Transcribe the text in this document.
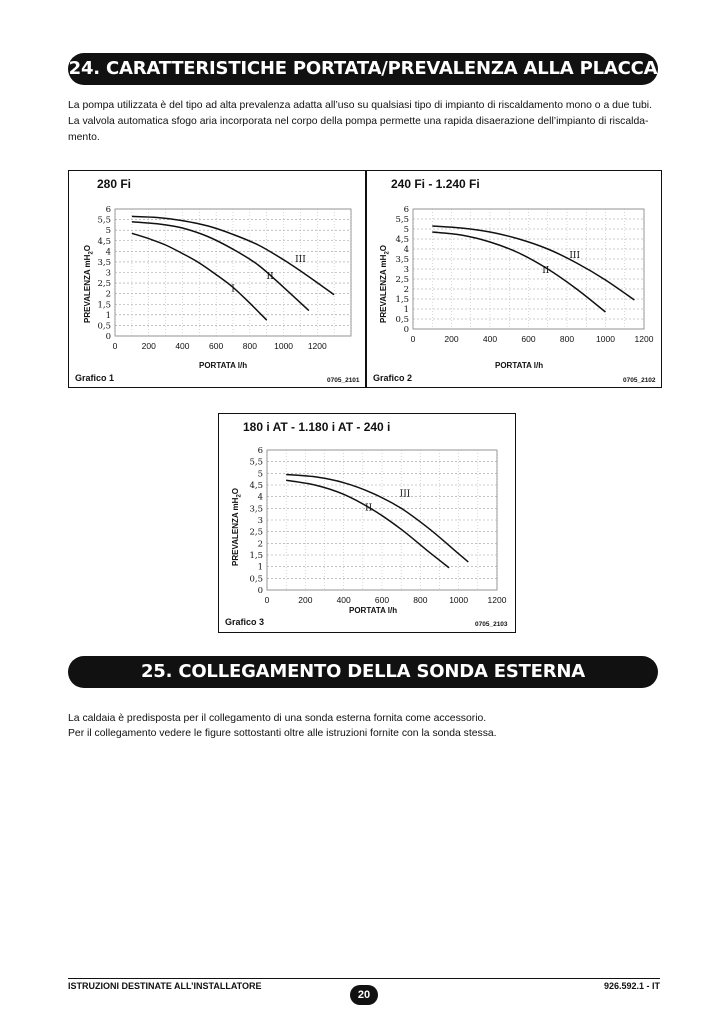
24. CARATTERISTICHE PORTATA/PREVALENZA ALLA PLACCA

La pompa utilizzata è del tipo ad alta prevalenza adatta all’uso su qualsiasi tipo di impianto di riscaldamento mono o a due tubi.

La valvola automatica sfogo aria incorporata nel corpo della pompa permette una rapida disaerazione dell’impianto di riscalda-

mento.

0
0,5
1
1,5
2
2,5
3
3,5
4
4,5
5
5,5
6
0	200 400 600 800 1000 1200
I
II
III
280 Fi
PREVALENZA $mH_2O$
PORTATA l/h
Grafico 1	0705_2101
0
0,5
1
1,5
2
2,5
3
3,5
4
4,5
5
5,5
6
0	200	400	600	800	1000 1200
II
III
240 Fi - 1.240 Fi
PREVALENZA $mH_2O$
PORTATA l/h
Grafico 2	0705_2102
0
0,5
1
1,5
2
2,5
3
3,5
4
4,5
5
5,5
6
0	200	400	600	800	1000 1200
II
III
180 i AT - 1.180 i AT - 240 i
PREVALENZA $mH_2O$
PORTATA l/h
Grafico 3	0705_2103
25. COLLEGAMENTO DELLA SONDA ESTERNA

La caldaia è predisposta per il collegamento di una sonda esterna fornita come accessorio.

Per il collegamento vedere le figure sottostanti oltre alle istruzioni fornite con la sonda stessa.

ISTRUZIONI DESTINATE ALL’INSTALLATORE
20
926.592.1 - IT
